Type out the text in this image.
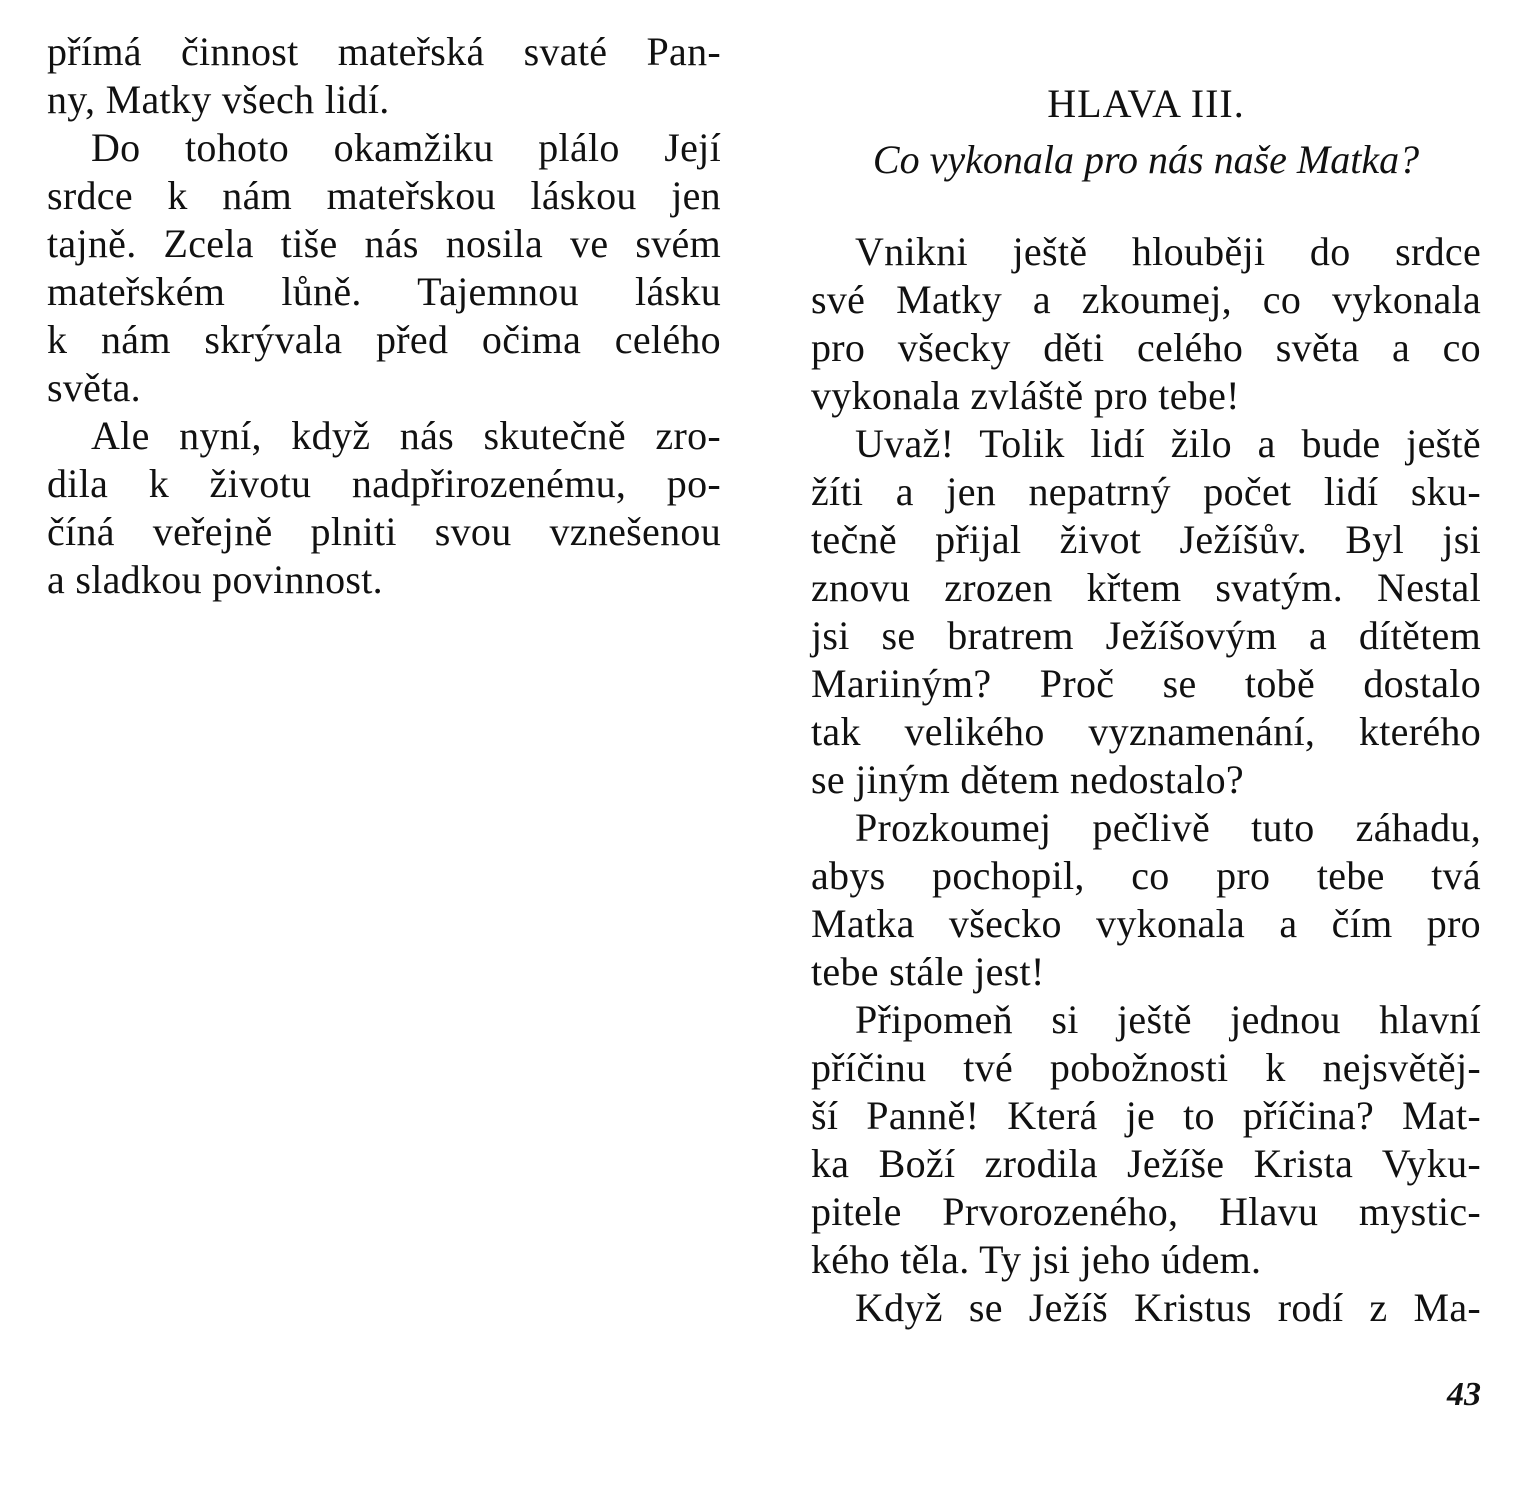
přímá činnost mateřská svaté Pan-
ny, Matky všech lidí.
Do tohoto okamžiku plálo Její
srdce k nám mateřskou láskou jen
tajně. Zcela tiše nás nosila ve svém
mateřském lůně. Tajemnou lásku
k nám skrývala před očima celého
světa.
Ale nyní, když nás skutečně zro-
dila k životu nadpřirozenému, po-
číná veřejně plniti svou vznešenou
a sladkou povinnost.
HLAVA III.
Co vykonala pro nás naše Matka?
Vnikni ještě hlouběji do srdce
své Matky a zkoumej, co vykonala
pro všecky děti celého světa a co
vykonala zvláště pro tebe!
Uvaž! Tolik lidí žilo a bude ještě
žíti a jen nepatrný počet lidí sku-
tečně přijal život Ježíšův. Byl jsi
znovu zrozen křtem svatým. Nestal
jsi se bratrem Ježíšovým a dítětem
Mariiným? Proč se tobě dostalo
tak velikého vyznamenání, kterého
se jiným dětem nedostalo?
Prozkoumej pečlivě tuto záhadu,
abys pochopil, co pro tebe tvá
Matka všecko vykonala a čím pro
tebe stále jest!
Připomeň si ještě jednou hlavní
příčinu tvé pobožnosti k nejsvětěj-
ší Panně! Která je to příčina? Mat-
ka Boží zrodila Ježíše Krista Vyku-
pitele Prvorozeného, Hlavu mystic-
kého těla. Ty jsi jeho údem.
Když se Ježíš Kristus rodí z Ma-
43
